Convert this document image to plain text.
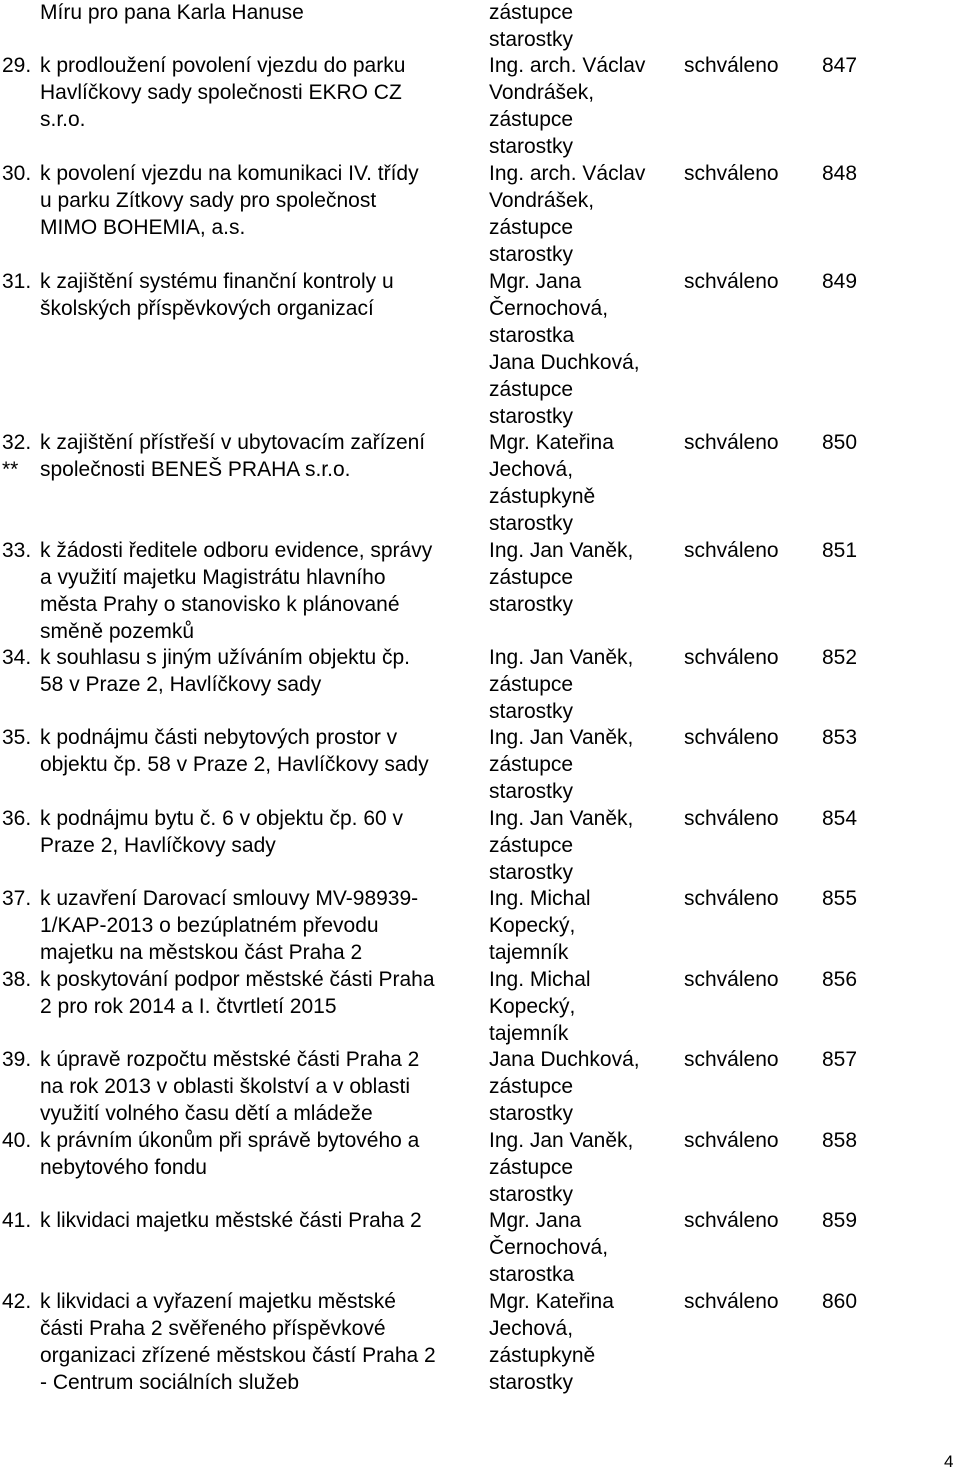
Míru pro pana Karla Hanuse	zástupce
starostky
29. k prodloužení povolení vjezdu do parku
Havlíčkovy sady společnosti EKRO CZ
s.r.o.
Ing. arch. Václav
Vondrášek,
zástupce
starostky
schváleno 847
30. k povolení vjezdu na komunikaci IV. třídy
u parku Zítkovy sady pro společnost
MIMO BOHEMIA, a.s.
Ing. arch. Václav
Vondrášek,
zástupce
starostky
schváleno 848
31. k zajištění systému finanční kontroly u
školských příspěvkových organizací
Mgr. Jana
Černochová,
starostka
Jana Duchková,
zástupce
starostky
schváleno 849
32.
**
k zajištění přístřeší v ubytovacím zařízení
společnosti BENEŠ PRAHA s.r.o.
Mgr. Kateřina
Jechová,
zástupkyně
starostky
schváleno 850
33. k žádosti ředitele odboru evidence, správy
a využití majetku Magistrátu hlavního
města Prahy o stanovisko k plánované
směně pozemků
Ing. Jan Vaněk,
zástupce
starostky
schváleno 851
34. k souhlasu s jiným užíváním objektu čp.
58 v Praze 2, Havlíčkovy sady
Ing. Jan Vaněk,
zástupce
starostky
schváleno 852
35. k podnájmu části nebytových prostor v
objektu čp. 58 v Praze 2, Havlíčkovy sady
Ing. Jan Vaněk,
zástupce
starostky
schváleno 853
36. k podnájmu bytu č. 6 v objektu čp. 60 v
Praze 2, Havlíčkovy sady
Ing. Jan Vaněk,
zástupce
starostky
schváleno 854
37. k uzavření Darovací smlouvy MV-98939-
1/KAP-2013 o bezúplatném převodu
majetku na městskou část Praha 2
Ing. Michal
Kopecký,
tajemník
schváleno 855
38. k poskytování podpor městské části Praha
2 pro rok 2014 a I. čtvrtletí 2015
Ing. Michal
Kopecký,
tajemník
schváleno 856
39. k úpravě rozpočtu městské části Praha 2
na rok 2013 v oblasti školství a v oblasti
využití volného času dětí a mládeže
Jana Duchková,
zástupce
starostky
schváleno 857
40. k právním úkonům při správě bytového a
nebytového fondu
Ing. Jan Vaněk,
zástupce
starostky
schváleno 858
41. k likvidaci majetku městské části Praha 2	Mgr. Jana
Černochová,
starostka
schváleno 859
42. k likvidaci a vyřazení majetku městské
části Praha 2 svěřeného příspěvkové
organizaci zřízené městskou částí Praha 2
- Centrum sociálních služeb
Mgr. Kateřina
Jechová,
zástupkyně
starostky
schváleno 860
4
